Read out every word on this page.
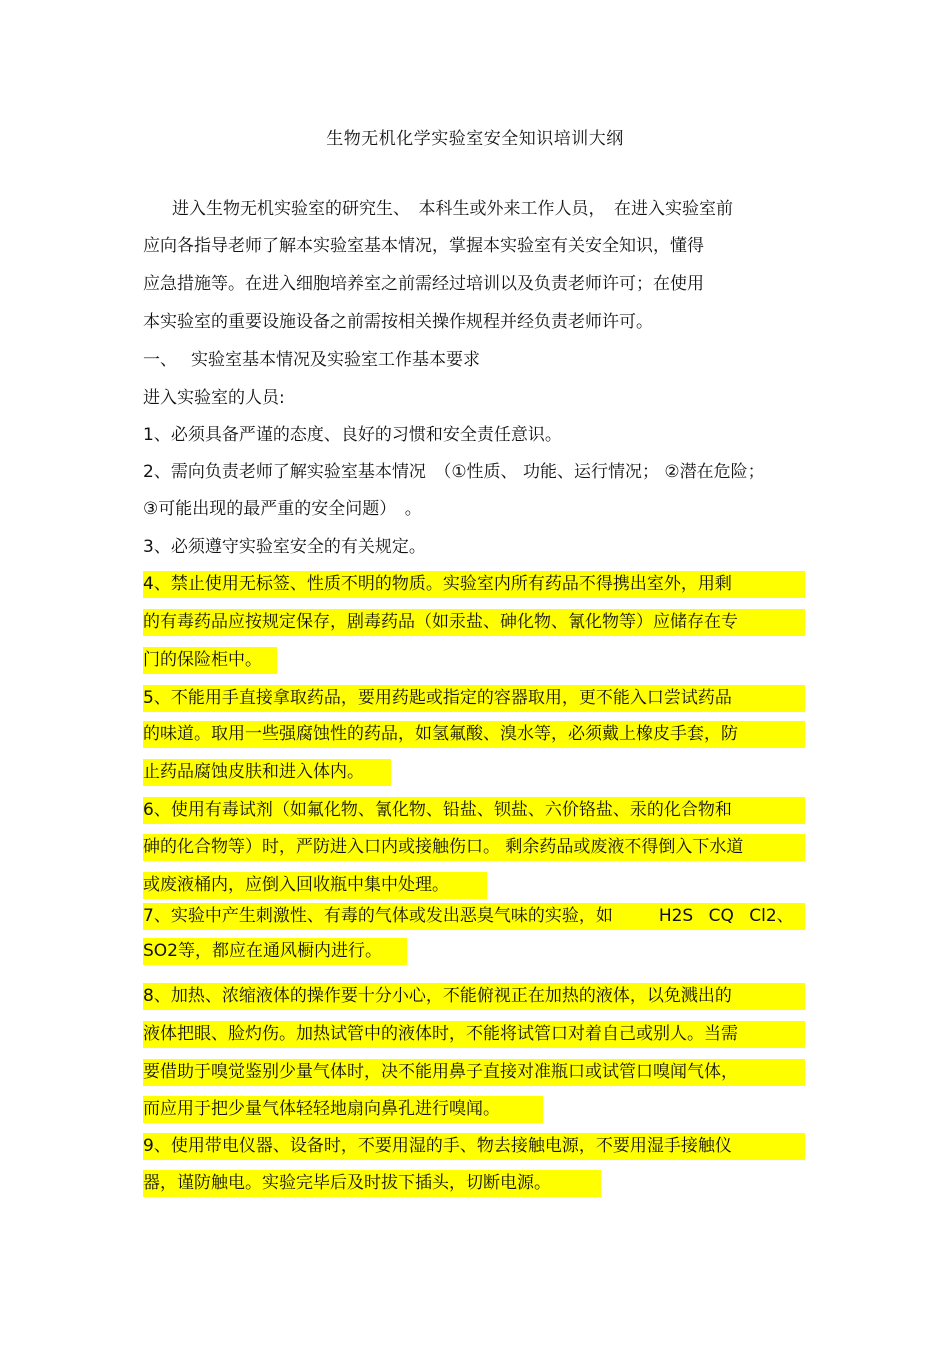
生物无机化学实验室安全知识培训大纲
进入生物无机实验室的研究生、　本科生或外来工作人员，　在进入实验室前
应向各指导老师了解本实验室基本情况，掌握本实验室有关安全知识，懂得
应急措施等。在进入细胞培养室之前需经过培训以及负责老师许可；在使用
本实验室的重要设施设备之前需按相关操作规程并经负责老师许可。
一、 实验室基本情况及实验室工作基本要求
进入实验室的人员:
1、必须具备严谨的态度、良好的习惯和安全责任意识。
2、需向负责老师了解实验室基本情况　（①性质、 功能、运行情况； ②潜在危险；
③可能出现的最严重的安全问题）　。
3、必须遵守实验室安全的有关规定。
4、禁止使用无标签、性质不明的物质。实验室内所有药品不得携出室外，用剩
的有毒药品应按规定保存，剧毒药品（如汞盐、砷化物、氰化物等）应储存在专
门的保险柜中。
5、不能用手直接拿取药品，要用药匙或指定的容器取用，更不能入口尝试药品
的味道。取用一些强腐蚀性的药品，如氢氟酸、溴水等，必须戴上橡皮手套，防
止药品腐蚀皮肤和进入体内。
6、使用有毒试剂（如氟化物、氰化物、铅盐、钡盐、六价铬盐、汞的化合物和
砷的化合物等）时，严防进入口内或接触伤口。 剩余药品或废液不得倒入下水道
或废液桶内，应倒入回收瓶中集中处理。
7、实验中产生刺激性、有毒的气体或发出恶臭气味的实验，如	H2S CQ Cl2、
SO2等，都应在通风橱内进行。
8、加热、浓缩液体的操作要十分小心，不能俯视正在加热的液体，以免溅出的
液体把眼、脸灼伤。加热试管中的液体时，不能将试管口对着自己或别人。当需
要借助于嗅觉鉴别少量气体时，决不能用鼻子直接对准瓶口或试管口嗅闻气体，
而应用于把少量气体轻轻地扇向鼻孔进行嗅闻。
9、使用带电仪器、设备时，不要用湿的手、物去接触电源，不要用湿手接触仪
器，谨防触电。实验完毕后及时拔下插头，切断电源。
